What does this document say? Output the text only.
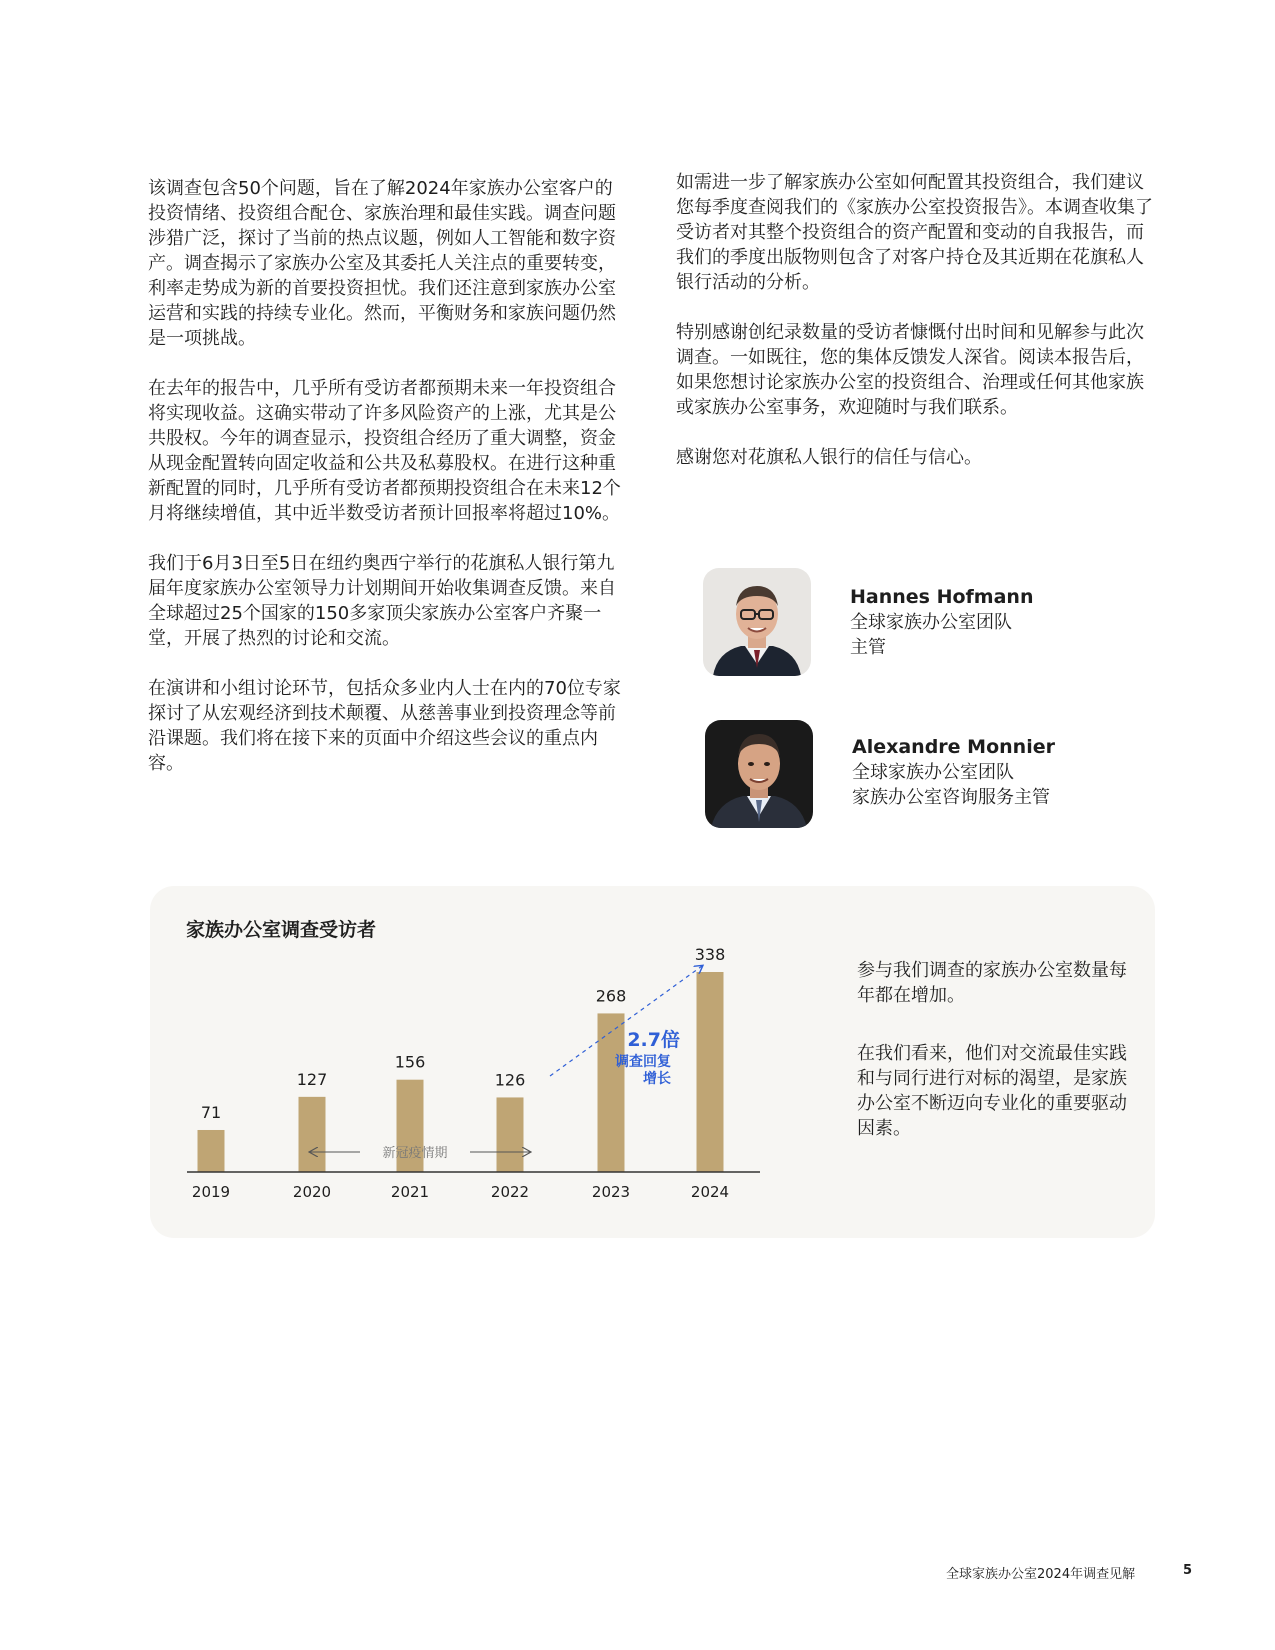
该调查包含50个问题，旨在了解2024年家族办公室客户的投资情绪、投资组合配仓、家族治理和最佳实践。调查问题涉猎广泛，探讨了当前的热点议题，例如人工智能和数字资产。调查揭示了家族办公室及其委托人关注点的重要转变，利率走势成为新的首要投资担忧。我们还注意到家族办公室运营和实践的持续专业化。然而，平衡财务和家族问题仍然是一项挑战。

在去年的报告中，几乎所有受访者都预期未来一年投资组合将实现收益。这确实带动了许多风险资产的上涨，尤其是公共股权。今年的调查显示，投资组合经历了重大调整，资金从现金配置转向固定收益和公共及私募股权。在进行这种重新配置的同时，几乎所有受访者都预期投资组合在未来12个月将继续增值，其中近半数受访者预计回报率将超过10%。

我们于6月3日至5日在纽约奥西宁举行的花旗私人银行第九届年度家族办公室领导力计划期间开始收集调查反馈。来自全球超过25个国家的150多家顶尖家族办公室客户齐聚一堂，开展了热烈的讨论和交流。

在演讲和小组讨论环节，包括众多业内人士在内的70位专家探讨了从宏观经济到技术颠覆、从慈善事业到投资理念等前沿课题。我们将在接下来的页面中介绍这些会议的重点内容。

如需进一步了解家族办公室如何配置其投资组合，我们建议您每季度查阅我们的《家族办公室投资报告》。本调查收集了受访者对其整个投资组合的资产配置和变动的自我报告，而我们的季度出版物则包含了对客户持仓及其近期在花旗私人银行活动的分析。

特别感谢创纪录数量的受访者慷慨付出时间和见解参与此次调查。一如既往，您的集体反馈发人深省。阅读本报告后，如果您想讨论家族办公室的投资组合、治理或任何其他家族或家族办公室事务，欢迎随时与我们联系。

感谢您对花旗私人银行的信任与信心。

Hannes Hofmann
全球家族办公室团队
主管
Alexandre Monnier
全球家族办公室团队
家族办公室咨询服务主管
家族办公室调查受访者
71
2019
127
2020
156
2021
126
2022
268
2023
338
2024
新冠疫情期
2.7倍
调查回复
增长
参与我们调查的家族办公室数量每年都在增加。
在我们看来，他们对交流最佳实践和与同行进行对标的渴望，是家族办公室不断迈向专业化的重要驱动因素。
全球家族办公室2024年调查见解	5
